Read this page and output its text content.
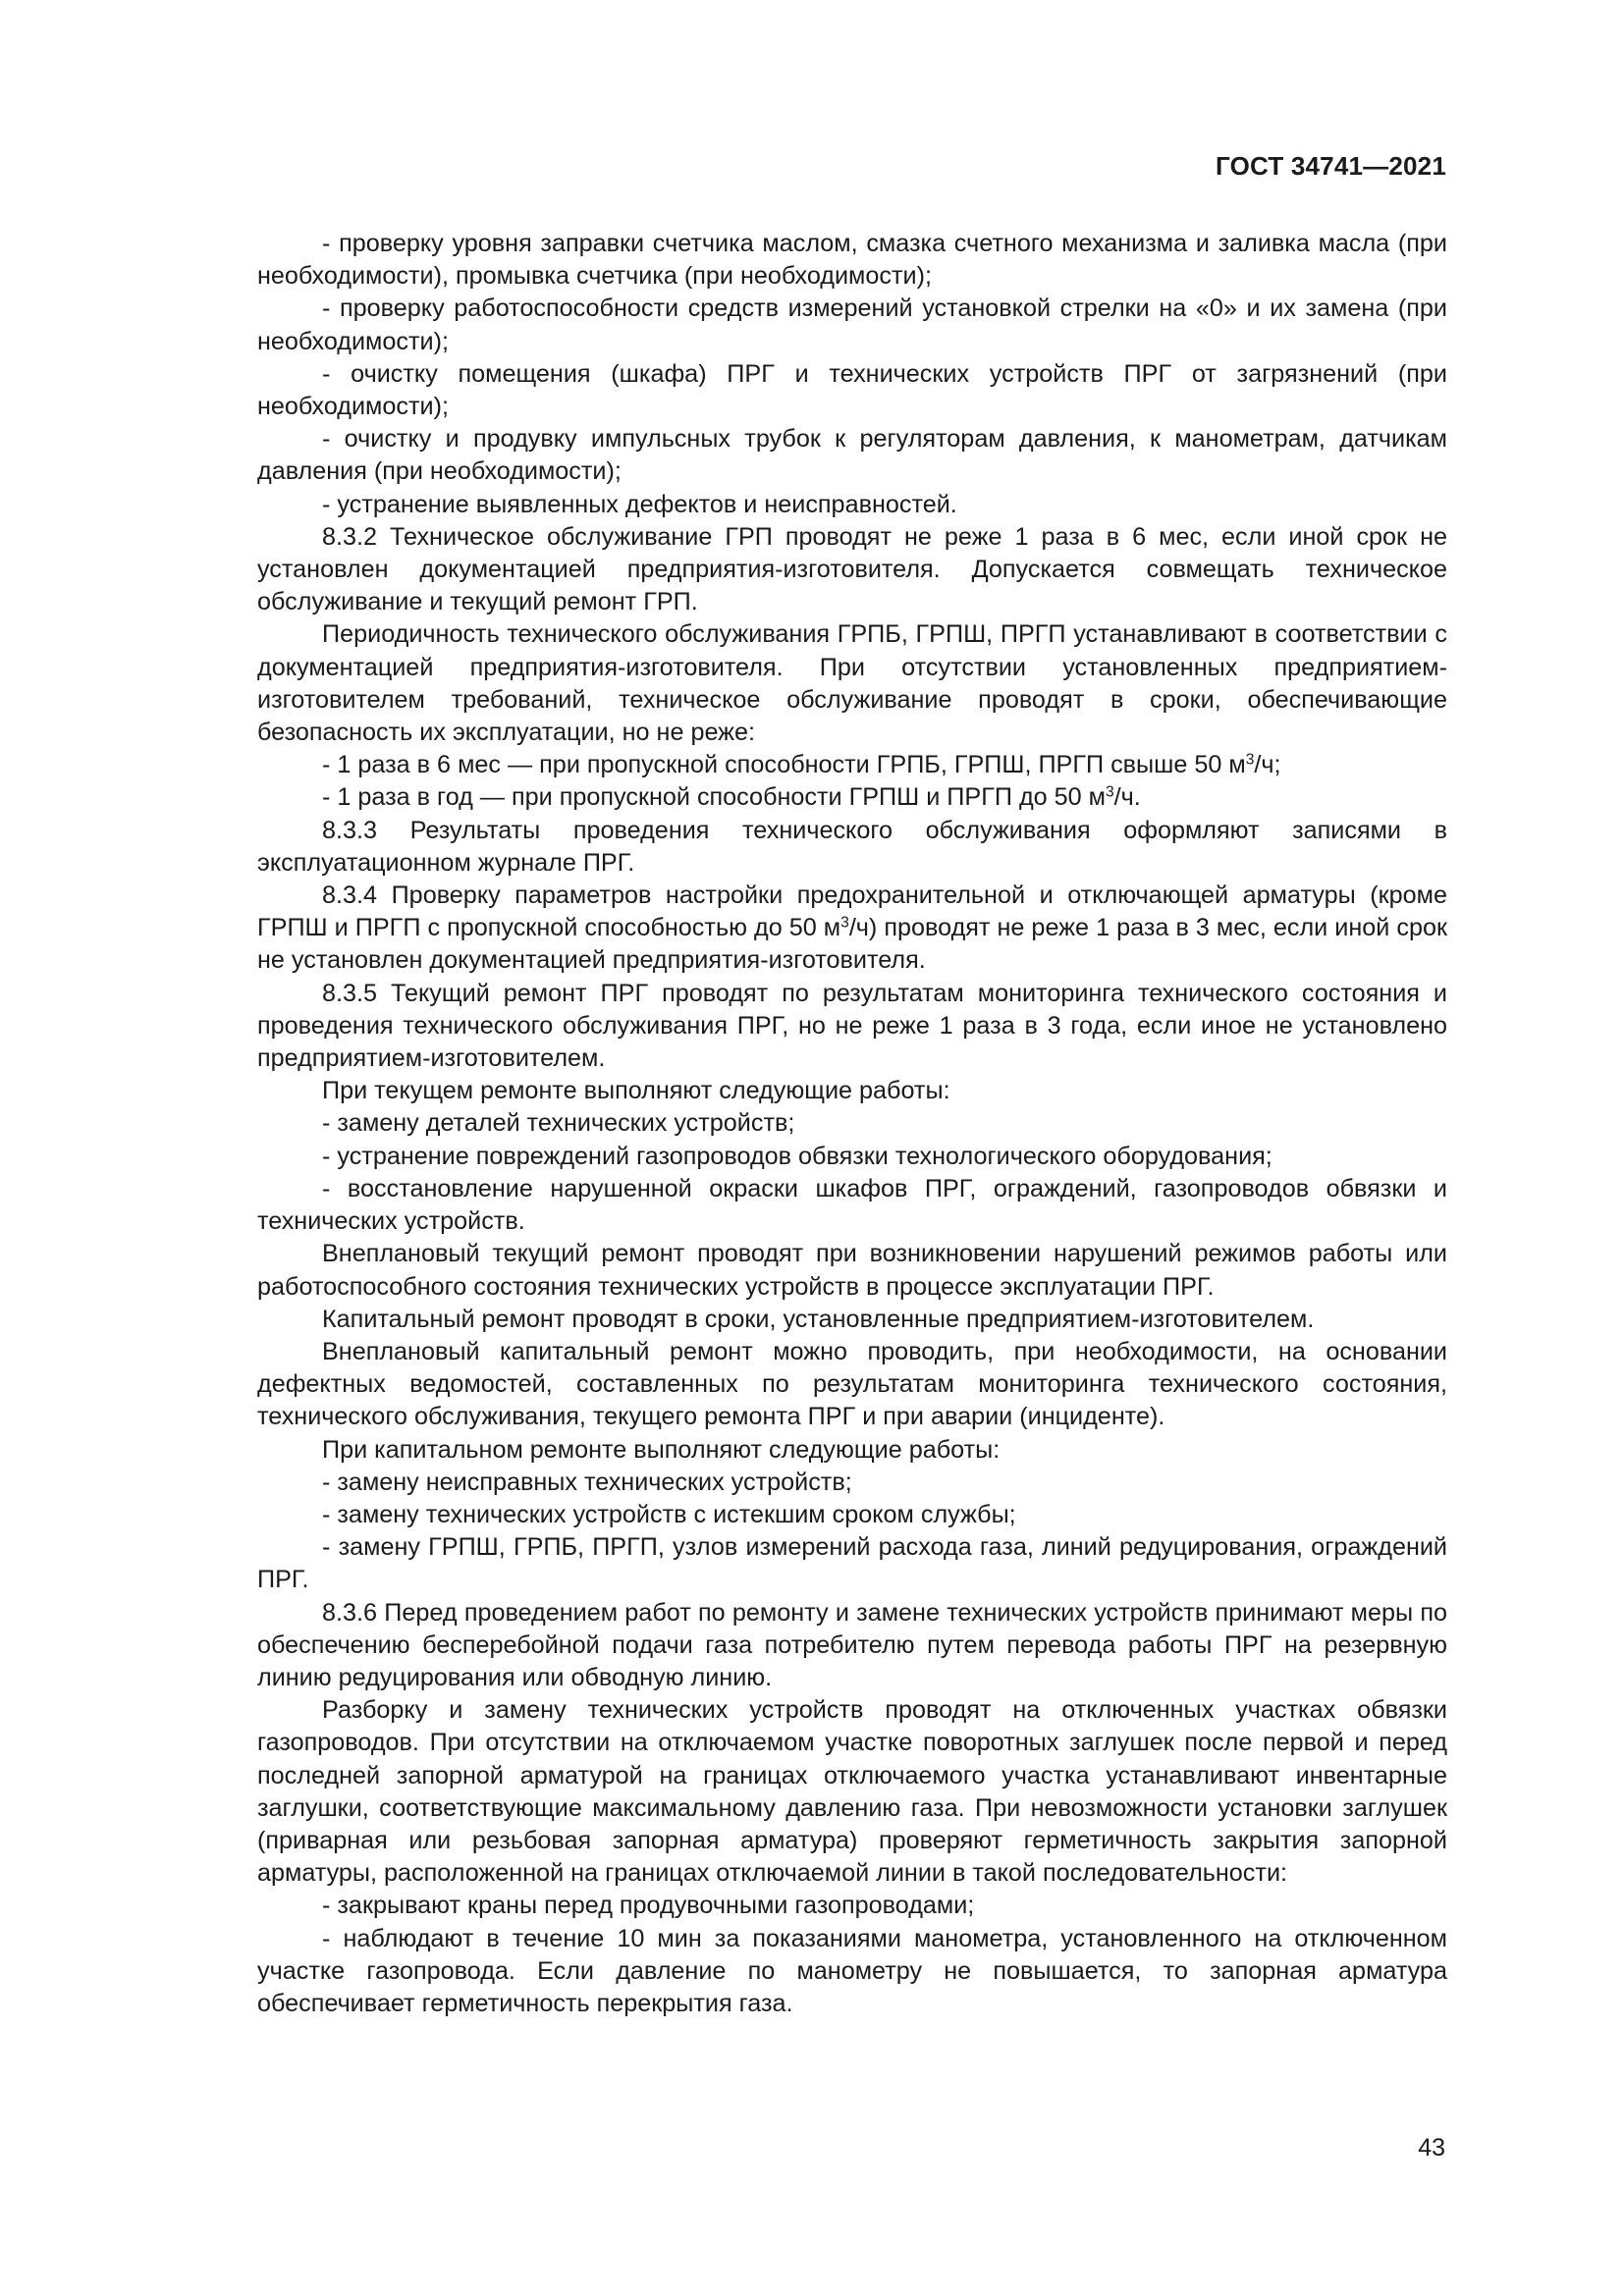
ГОСТ 34741—2021

- проверку уровня заправки счетчика маслом, смазка счетного механизма и заливка масла (при необходимости), промывка счетчика (при необходимости);

- проверку работоспособности средств измерений установкой стрелки на «0» и их замена (при необходимости);

- очистку помещения (шкафа) ПРГ и технических устройств ПРГ от загрязнений (при необходимости);

- очистку и продувку импульсных трубок к регуляторам давления, к манометрам, датчикам давления (при необходимости);

- устранение выявленных дефектов и неисправностей.

8.3.2 Техническое обслуживание ГРП проводят не реже 1 раза в 6 мес, если иной срок не установлен документацией предприятия-изготовителя. Допускается совмещать техническое обслуживание и текущий ремонт ГРП.

Периодичность технического обслуживания ГРПБ, ГРПШ, ПРГП устанавливают в соответствии с документацией предприятия-изготовителя. При отсутствии установленных предприятием-изготовителем требований, техническое обслуживание проводят в сроки, обеспечивающие безопасность их эксплуатации, но не реже:

- 1 раза в 6 мес — при пропускной способности ГРПБ, ГРПШ, ПРГП свыше 50 $м^3/ч$;

- 1 раза в год — при пропускной способности ГРПШ и ПРГП до 50 $м^3/ч$.

8.3.3 Результаты проведения технического обслуживания оформляют записями в эксплуатационном журнале ПРГ.

8.3.4 Проверку параметров настройки предохранительной и отключающей арматуры (кроме ГРПШ и ПРГП с пропускной способностью до 50 $м^3/ч$) проводят не реже 1 раза в 3 мес, если иной срок не установлен документацией предприятия-изготовителя.

8.3.5 Текущий ремонт ПРГ проводят по результатам мониторинга технического состояния и проведения технического обслуживания ПРГ, но не реже 1 раза в 3 года, если иное не установлено предприятием-изготовителем.

При текущем ремонте выполняют следующие работы:

- замену деталей технических устройств;

- устранение повреждений газопроводов обвязки технологического оборудования;

- восстановление нарушенной окраски шкафов ПРГ, ограждений, газопроводов обвязки и технических устройств.

Внеплановый текущий ремонт проводят при возникновении нарушений режимов работы или работоспособного состояния технических устройств в процессе эксплуатации ПРГ.

Капитальный ремонт проводят в сроки, установленные предприятием-изготовителем.

Внеплановый капитальный ремонт можно проводить, при необходимости, на основании дефектных ведомостей, составленных по результатам мониторинга технического состояния, технического обслуживания, текущего ремонта ПРГ и при аварии (инциденте).

При капитальном ремонте выполняют следующие работы:

- замену неисправных технических устройств;

- замену технических устройств с истекшим сроком службы;

- замену ГРПШ, ГРПБ, ПРГП, узлов измерений расхода газа, линий редуцирования, ограждений ПРГ.

8.3.6 Перед проведением работ по ремонту и замене технических устройств принимают меры по обеспечению бесперебойной подачи газа потребителю путем перевода работы ПРГ на резервную линию редуцирования или обводную линию.

Разборку и замену технических устройств проводят на отключенных участках обвязки газопроводов. При отсутствии на отключаемом участке поворотных заглушек после первой и перед последней запорной арматурой на границах отключаемого участка устанавливают инвентарные заглушки, соответствующие максимальному давлению газа. При невозможности установки заглушек (приварная или резьбовая запорная арматура) проверяют герметичность закрытия запорной арматуры, расположенной на границах отключаемой линии в такой последовательности:

- закрывают краны перед продувочными газопроводами;

- наблюдают в течение 10 мин за показаниями манометра, установленного на отключенном участке газопровода. Если давление по манометру не повышается, то запорная арматура обеспечивает герметичность перекрытия газа.

43
